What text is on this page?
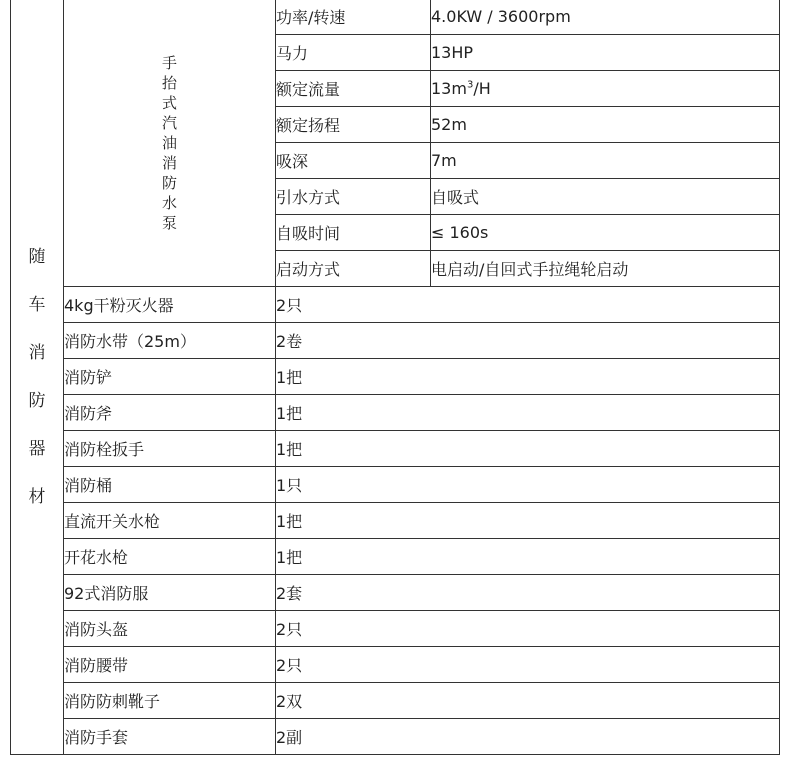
随车消防器材	手抬式汽油消防水泵	功率/转速	4.0KW / 3600rpm
		马力	13HP
		额定流量	$13m^3/H$
		额定扬程	52m
		吸深	7m
		引水方式	自吸式
		自吸时间	≤ 160s
		启动方式	电启动/自回式手拉绳轮启动
	4kg干粉灭火器	2只	
	消防水带（25m）	2卷	
	消防铲	1把	
	消防斧	1把	
	消防栓扳手	1把	
	消防桶	1只	
	直流开关水枪	1把	
	开花水枪	1把	
	92式消防服	2套	
	消防头盔	2只	
	消防腰带	2只	
	消防防刺靴子	2双	
	消防手套	2副	
